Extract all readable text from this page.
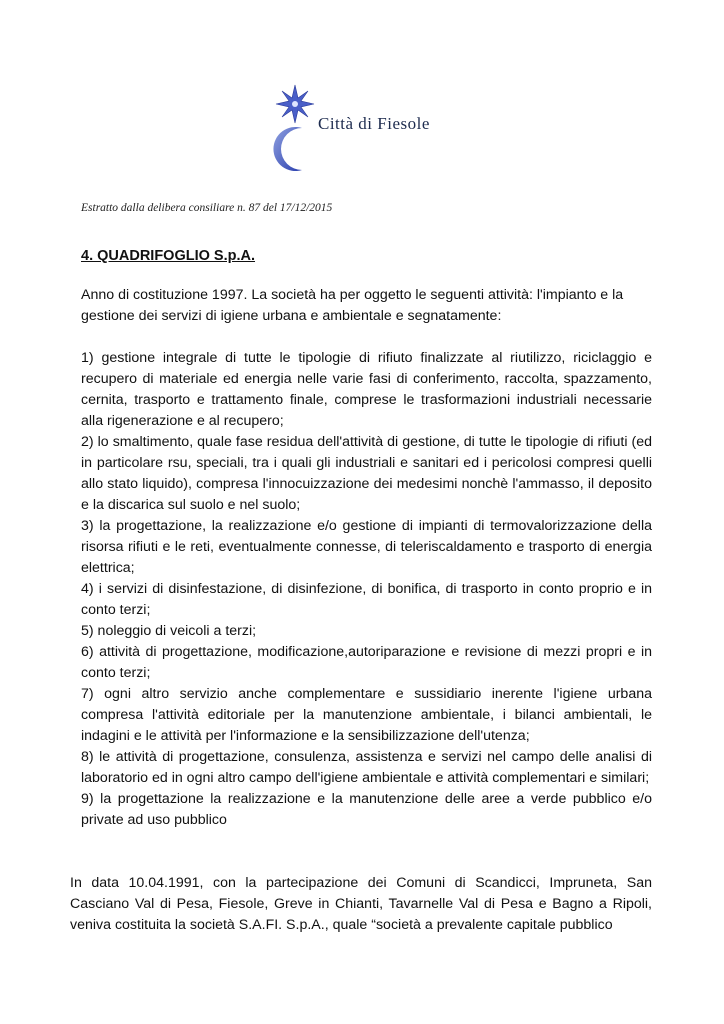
Città di Fiesole
Estratto dalla delibera consiliare n. 87 del 17/12/2015
4. QUADRIFOGLIO S.p.A.
Anno di costituzione 1997. La società ha per oggetto le seguenti attività: l'impianto e la gestione dei servizi di igiene urbana e ambientale e segnatamente:

1) gestione integrale di tutte le tipologie di rifiuto finalizzate al riutilizzo, riciclaggio e recupero di materiale ed energia nelle varie fasi di conferimento, raccolta, spazzamento, cernita, trasporto e trattamento finale, comprese le trasformazioni industriali necessarie alla rigenerazione e al recupero;

2) lo smaltimento, quale fase residua dell'attività di gestione, di tutte le tipologie di rifiuti (ed in particolare rsu, speciali, tra i quali gli industriali e sanitari ed i pericolosi compresi quelli allo stato liquido), compresa l'innocuizzazione dei medesimi nonchè l'ammasso, il deposito e la discarica sul suolo e nel suolo;

3) la progettazione, la realizzazione e/o gestione di impianti di termovalorizzazione della risorsa rifiuti e le reti, eventualmente connesse, di teleriscaldamento e trasporto di energia elettrica;

4) i servizi di disinfestazione, di disinfezione, di bonifica, di trasporto in conto proprio e in conto terzi;

5) noleggio di veicoli a terzi;

6) attività di progettazione, modificazione,autoriparazione e revisione di mezzi propri e in conto terzi;

7) ogni altro servizio anche complementare e sussidiario inerente l'igiene urbana compresa l'attività editoriale per la manutenzione ambientale, i bilanci ambientali, le indagini e le attività per l'informazione e la sensibilizzazione dell'utenza;

8) le attività di progettazione, consulenza, assistenza e servizi nel campo delle analisi di laboratorio ed in ogni altro campo dell'igiene ambientale e attività complementari e similari;

9) la progettazione la realizzazione e la manutenzione delle aree a verde pubblico e/o private ad uso pubblico

In data 10.04.1991, con la partecipazione dei Comuni di Scandicci, Impruneta, San Casciano Val di Pesa, Fiesole, Greve in Chianti, Tavarnelle Val di Pesa e Bagno a Ripoli, veniva costituita la società S.A.FI. S.p.A., quale “società a prevalente capitale pubblico
